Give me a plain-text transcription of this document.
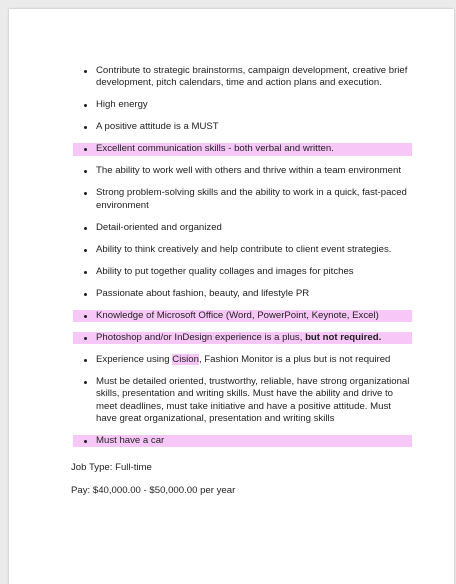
Contribute to strategic brainstorms, campaign development, creative brief development, pitch calendars, time and action plans and execution.
High energy
A positive attitude is a MUST
Excellent communication skills - both verbal and written.
The ability to work well with others and thrive within a team environment
Strong problem-solving skills and the ability to work in a quick, fast-paced environment
Detail-oriented and organized
Ability to think creatively and help contribute to client event strategies.
Ability to put together quality collages and images for pitches
Passionate about fashion, beauty, and lifestyle PR
Knowledge of Microsoft Office (Word, PowerPoint, Keynote, Excel)
Photoshop and/or InDesign experience is a plus, but not required.
Experience using Cision, Fashion Monitor is a plus but is not required
Must be detailed oriented, trustworthy, reliable, have strong organizational skills, presentation and writing skills. Must have the ability and drive to meet deadlines, must take initiative and have a positive attitude. Must have great organizational, presentation and writing skills
Must have a car

Job Type: Full-time

Pay: $40,000.00 - $50,000.00 per year
